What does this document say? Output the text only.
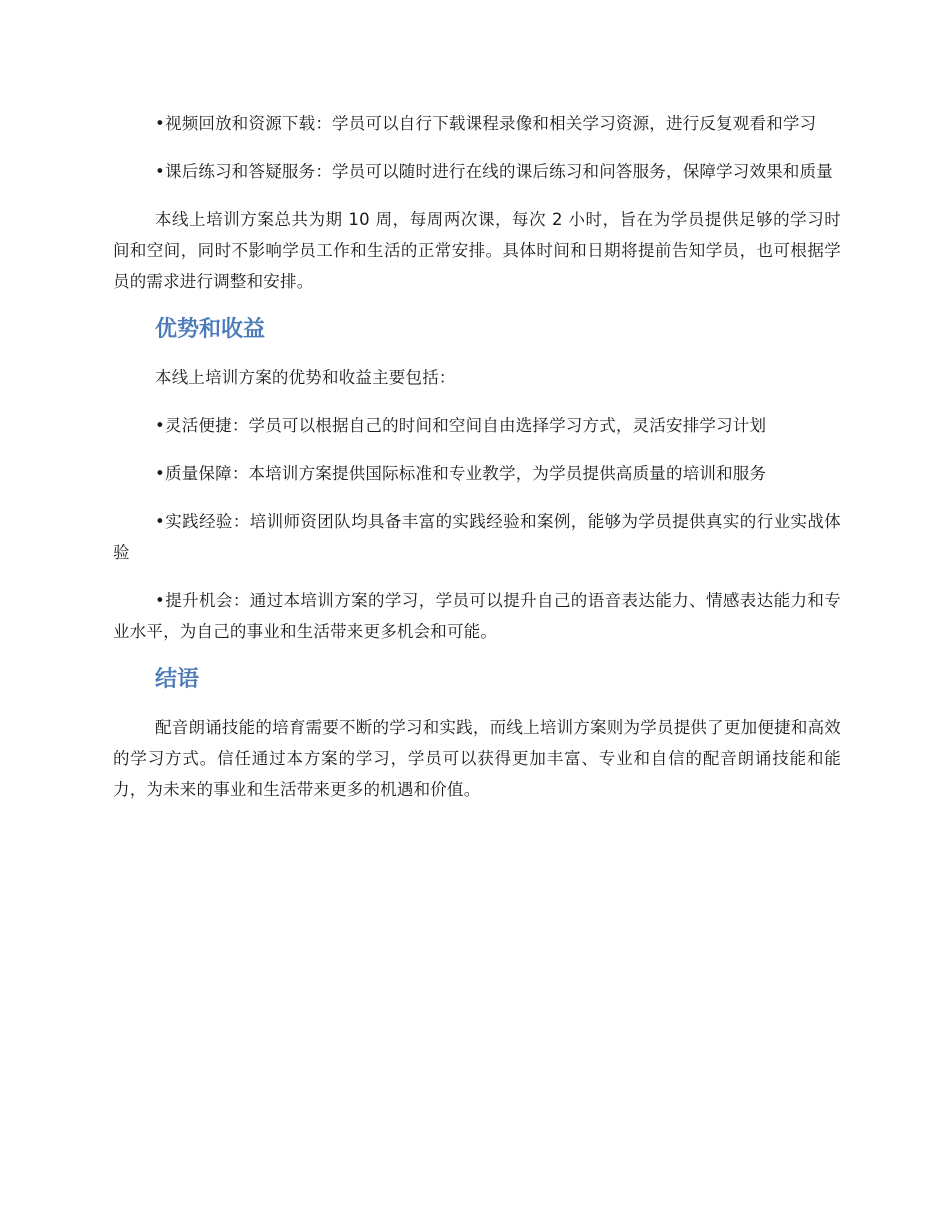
•视频回放和资源下载：学员可以自行下载课程录像和相关学习资源，进行反复观看和学习

•课后练习和答疑服务：学员可以随时进行在线的课后练习和问答服务，保障学习效果和质量

本线上培训方案总共为期 10 周，每周两次课，每次 2 小时，旨在为学员提供足够的学习时间和空间，同时不影响学员工作和生活的正常安排。具体时间和日期将提前告知学员，也可根据学员的需求进行调整和安排。

优势和收益

本线上培训方案的优势和收益主要包括：

•灵活便捷：学员可以根据自己的时间和空间自由选择学习方式，灵活安排学习计划

•质量保障：本培训方案提供国际标准和专业教学，为学员提供高质量的培训和服务

•实践经验：培训师资团队均具备丰富的实践经验和案例，能够为学员提供真实的行业实战体验

•提升机会：通过本培训方案的学习，学员可以提升自己的语音表达能力、情感表达能力和专业水平，为自己的事业和生活带来更多机会和可能。

结语

配音朗诵技能的培育需要不断的学习和实践，而线上培训方案则为学员提供了更加便捷和高效的学习方式。信任通过本方案的学习，学员可以获得更加丰富、专业和自信的配音朗诵技能和能力，为未来的事业和生活带来更多的机遇和价值。
